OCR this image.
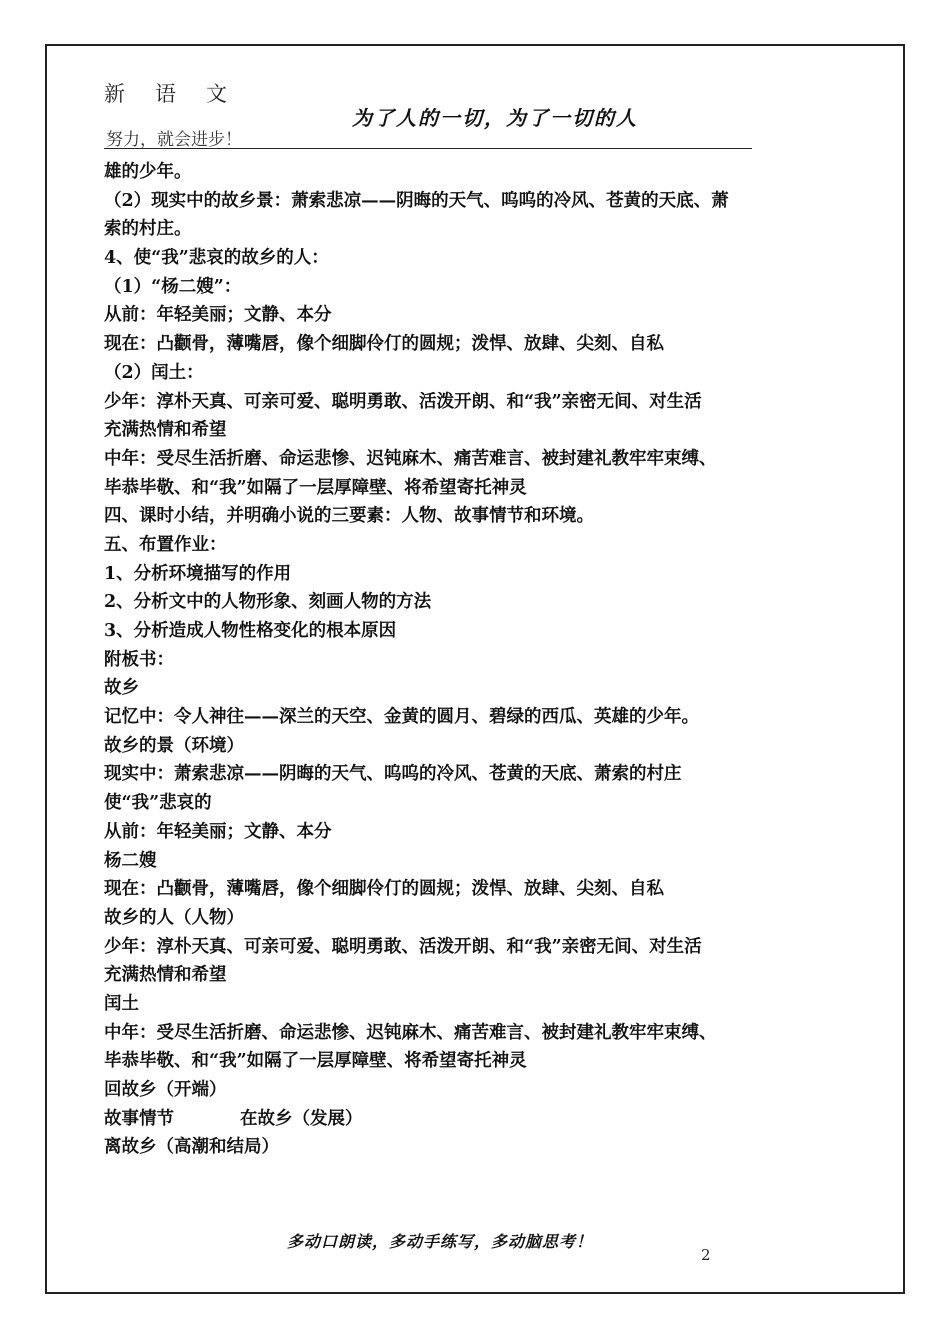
新语文
为了人的一切，为了一切的人
努力，就会进步！
雄的少年。
（2）现实中的故乡景：萧索悲凉——阴晦的天气、呜呜的冷风、苍黄的天底、萧
索的村庄。
4、使“我”悲哀的故乡的人：
（1）“杨二嫂”：
从前：年轻美丽；文静、本分
现在：凸颧骨，薄嘴唇，像个细脚伶仃的圆规；泼悍、放肆、尖刻、自私
（2）闰土：
少年：淳朴天真、可亲可爱、聪明勇敢、活泼开朗、和“我”亲密无间、对生活
充满热情和希望
中年：受尽生活折磨、命运悲惨、迟钝麻木、痛苦难言、被封建礼教牢牢束缚、
毕恭毕敬、和“我”如隔了一层厚障壁、将希望寄托神灵
四、课时小结，并明确小说的三要素：人物、故事情节和环境。
五、布置作业：
1、分析环境描写的作用
2、分析文中的人物形象、刻画人物的方法
3、分析造成人物性格变化的根本原因
附板书：
故乡
记忆中：令人神往——深兰的天空、金黄的圆月、碧绿的西瓜、英雄的少年。
故乡的景（环境）
现实中：萧索悲凉——阴晦的天气、呜呜的冷风、苍黄的天底、萧索的村庄
使“我”悲哀的
从前：年轻美丽；文静、本分
杨二嫂
现在：凸颧骨，薄嘴唇，像个细脚伶仃的圆规；泼悍、放肆、尖刻、自私
故乡的人（人物）
少年：淳朴天真、可亲可爱、聪明勇敢、活泼开朗、和“我”亲密无间、对生活
充满热情和希望
闰土
中年：受尽生活折磨、命运悲惨、迟钝麻木、痛苦难言、被封建礼教牢牢束缚、
毕恭毕敬、和“我”如隔了一层厚障壁、将希望寄托神灵
回故乡（开端）
故事情节	在故乡（发展）
离故乡（高潮和结局）
多动口朗读，多动手练写，多动脑思考！
2
